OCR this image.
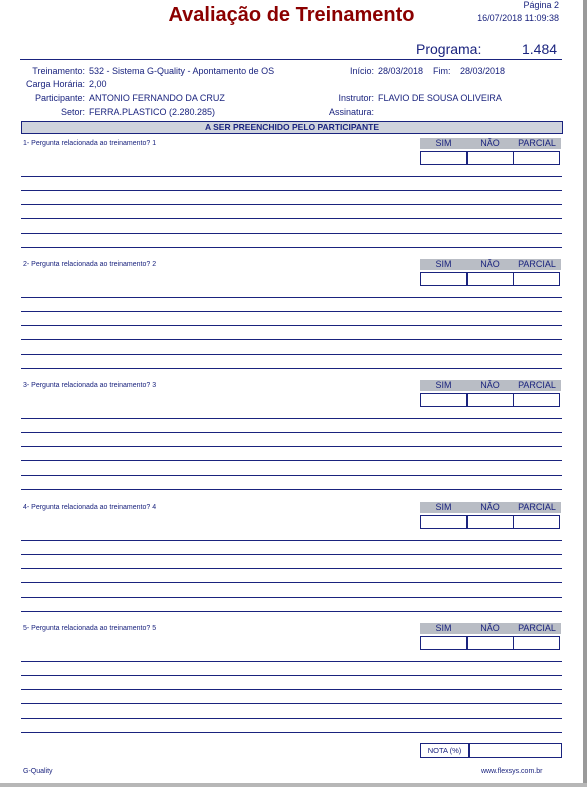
Avaliação de Treinamento	Página 2
16/07/2018 11:09:38
Programa:	1.484
Treinamento: 532 - Sistema G-Quality - Apontamento de OS	Início: 28/03/2018 Fim: 28/03/2018
Carga Horária: 2,00
Participante: ANTONIO FERNANDO DA CRUZ	Instrutor: FLAVIO DE SOUSA OLIVEIRA
Setor: FERRA.PLASTICO (2.280.285)	Assinatura:
A SER PREENCHIDO PELO PARTICIPANTE
1- Pergunta relacionada ao treinamento? 1	SIM	NÃO	PARCIAL
2- Pergunta relacionada ao treinamento? 2	SIM	NÃO	PARCIAL
3- Pergunta relacionada ao treinamento? 3	SIM	NÃO	PARCIAL
4- Pergunta relacionada ao treinamento? 4	SIM	NÃO	PARCIAL
5- Pergunta relacionada ao treinamento? 5	SIM	NÃO	PARCIAL
NOTA (%)
G-Quality	www.flexsys.com.br
